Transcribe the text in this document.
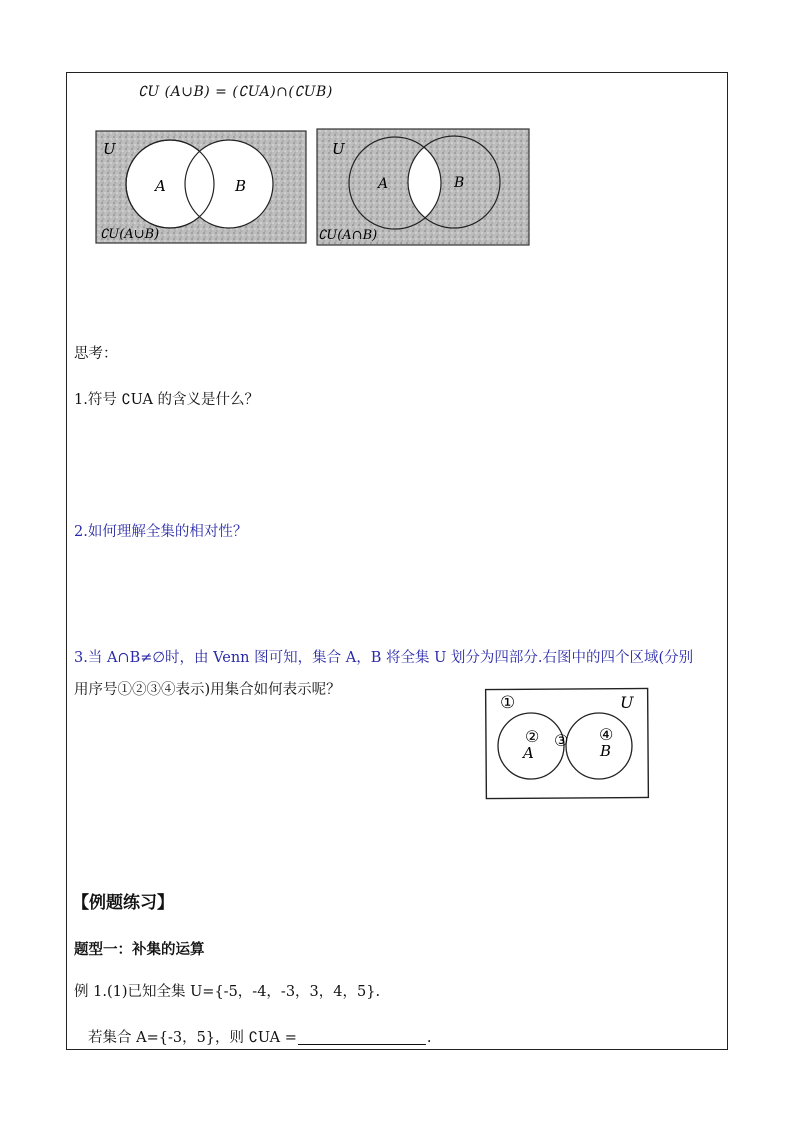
∁U (A∪B) = (∁UA)∩(∁UB)
U
A	B
∁U(A∪B)
U
A	B
∁U(A∩B)
思考：
1.符号 ∁UA 的含义是什么？
2.如何理解全集的相对性？
3.当 A∩B≠∅时，由 Venn 图可知，集合 A，B 将全集 U 划分为四部分.右图中的四个区域(分别
用序号①②③④表示)用集合如何表示呢？
①	U
②
A
③ ④
B
【例题练习】
题型一：补集的运算
例 1.(1)已知全集 U={-5，-4，-3，3，4，5}.
若集合 A={-3，5}，则 ∁UA =	.
